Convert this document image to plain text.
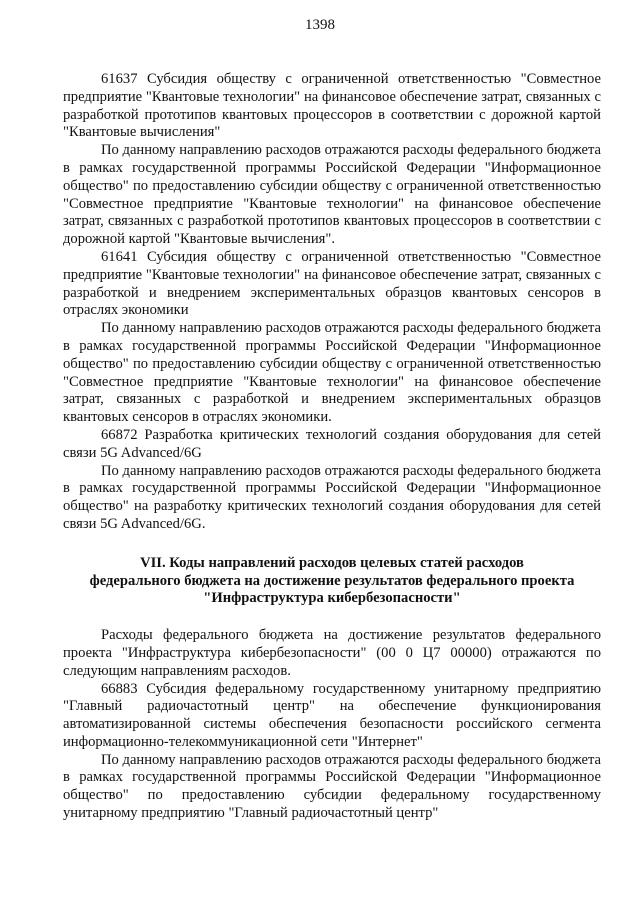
1398

61637 Субсидия обществу с ограниченной ответственностью "Совместное предприятие "Квантовые технологии" на финансовое обеспечение затрат, связанных с разработкой прототипов квантовых процессоров в соответствии с дорожной картой "Квантовые вычисления"

По данному направлению расходов отражаются расходы федерального бюджета в рамках государственной программы Российской Федерации "Информационное общество" по предоставлению субсидии обществу с ограниченной ответственностью "Совместное предприятие "Квантовые технологии" на финансовое обеспечение затрат, связанных с разработкой прототипов квантовых процессоров в соответствии с дорожной картой "Квантовые вычисления".

61641 Субсидия обществу с ограниченной ответственностью "Совместное предприятие "Квантовые технологии" на финансовое обеспечение затрат, связанных с разработкой и внедрением экспериментальных образцов квантовых сенсоров в отраслях экономики

По данному направлению расходов отражаются расходы федерального бюджета в рамках государственной программы Российской Федерации "Информационное общество" по предоставлению субсидии обществу с ограниченной ответственностью "Совместное предприятие "Квантовые технологии" на финансовое обеспечение затрат, связанных с разработкой и внедрением экспериментальных образцов квантовых сенсоров в отраслях экономики.

66872 Разработка критических технологий создания оборудования для сетей связи 5G Advanced/6G

По данному направлению расходов отражаются расходы федерального бюджета в рамках государственной программы Российской Федерации "Информационное общество" на разработку критических технологий создания оборудования для сетей связи 5G Advanced/6G.

VII. Коды направлений расходов целевых статей расходов
федерального бюджета на достижение результатов федерального проекта
"Инфраструктура кибербезопасности"

Расходы федерального бюджета на достижение результатов федерального проекта "Инфраструктура кибербезопасности" (00 0 Ц7 00000) отражаются по следующим направлениям расходов.

66883 Субсидия федеральному государственному унитарному предприятию "Главный радиочастотный центр" на обеспечение функционирования автоматизированной системы обеспечения безопасности российского сегмента информационно-телекоммуникационной сети "Интернет"

По данному направлению расходов отражаются расходы федерального бюджета в рамках государственной программы Российской Федерации "Информационное общество" по предоставлению субсидии федеральному государственному унитарному предприятию "Главный радиочастотный центр"
